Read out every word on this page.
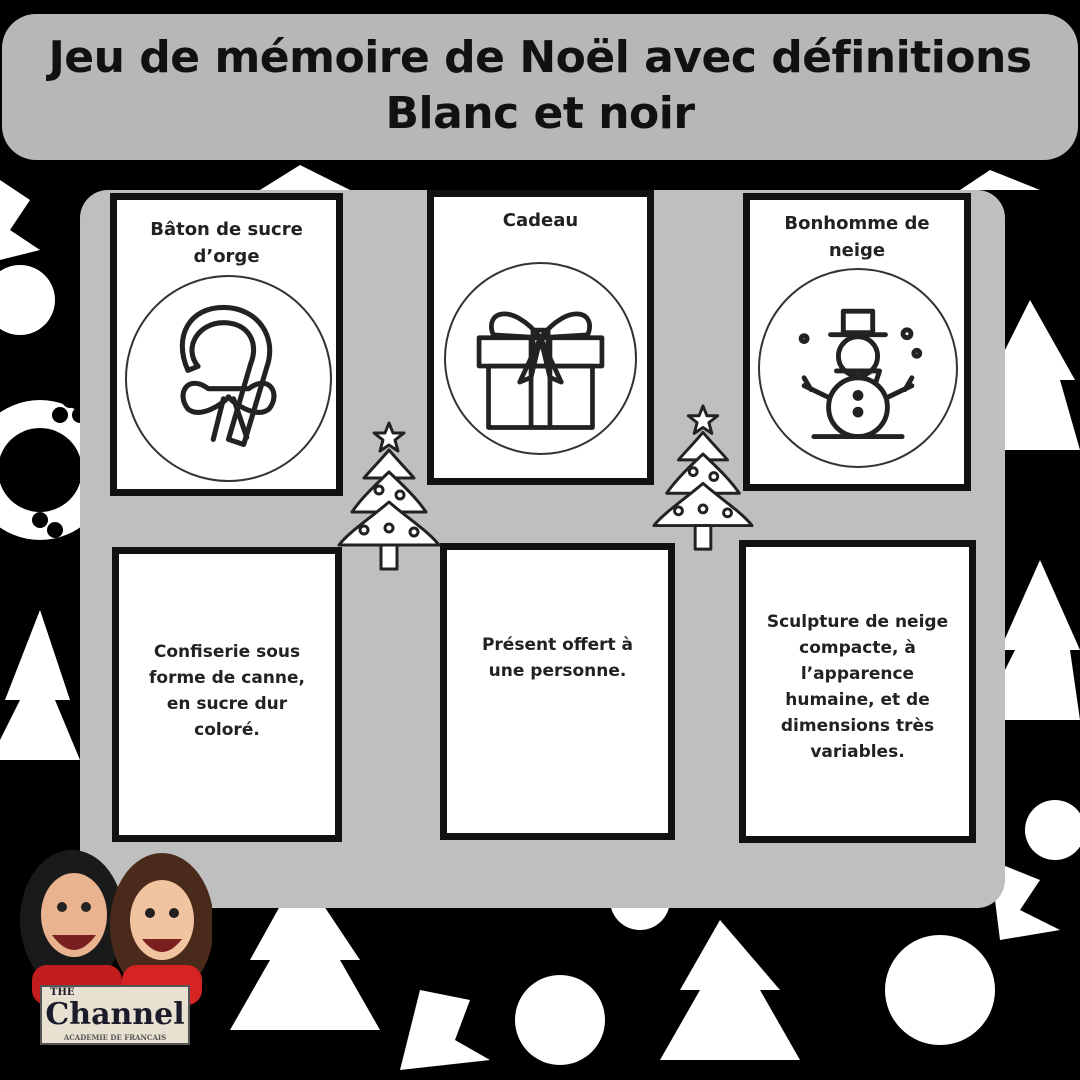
Jeu de mémoire de Noël avec définitions
Blanc et noir
Bâton de sucre d’orge
Cadeau	Bonhomme de neige
Confiserie sous forme de canne, en sucre dur coloré.
Présent offert à une personne.
Sculpture de neige compacte, à l’apparence humaine, et de dimensions très variables.
THE
Channel
ACADEMIE DE FRANCAIS
